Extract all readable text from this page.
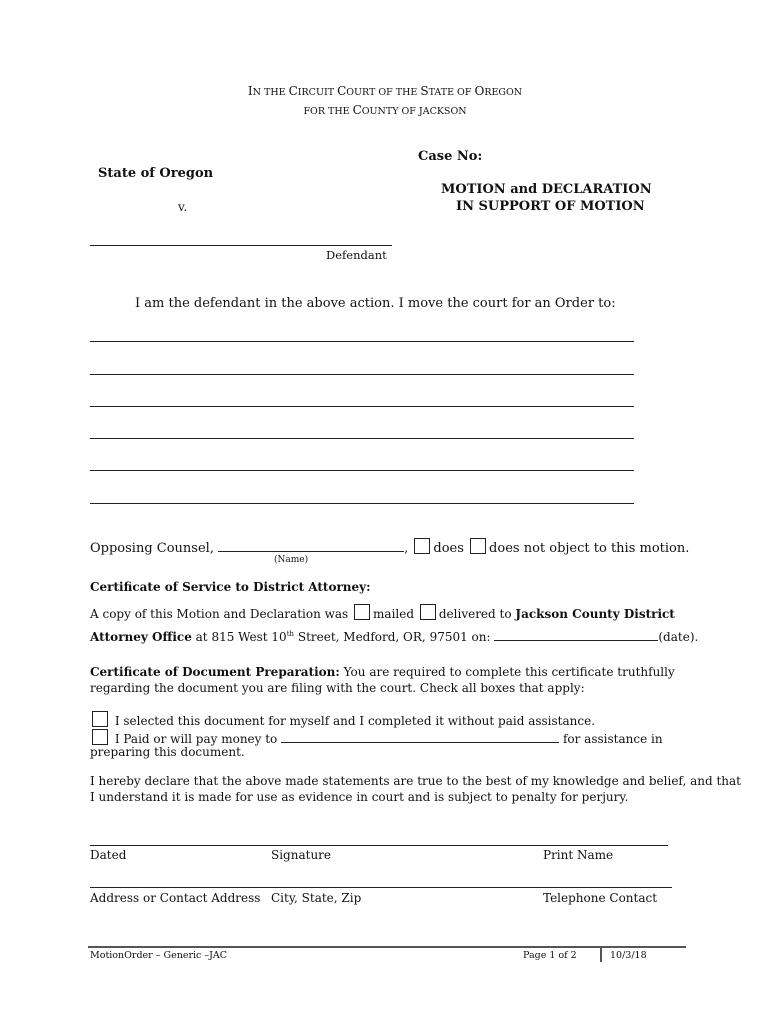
IN THE CIRCUIT COURT OF THE STATE OF OREGON
FOR THE COUNTY OF JACKSON
Case No:
State of Oregon
MOTION and DECLARATION
v.	IN SUPPORT OF MOTION
Defendant
I am the defendant in the above action. I move the court for an Order to:
Opposing Counsel,	, does does not object to this motion.
(Name)
Certificate of Service to District Attorney:
A copy of this Motion and Declaration was mailed delivered to Jackson County District
Attorney Office at 815 West 10th Street, Medford, OR, 97501 on:	(date).
Certificate of Document Preparation: You are required to complete this certificate truthfully
regarding the document you are filing with the court. Check all boxes that apply:
I selected this document for myself and I completed it without paid assistance.
I Paid or will pay money to	for assistance in
preparing this document.
I hereby declare that the above made statements are true to the best of my knowledge and belief, and that
I understand it is made for use as evidence in court and is subject to penalty for perjury.
Dated	Signature	Print Name
Address or Contact Address City, State, Zip	Telephone Contact
MotionOrder – Generic –JAC	Page 1 of 2	10/3/18
